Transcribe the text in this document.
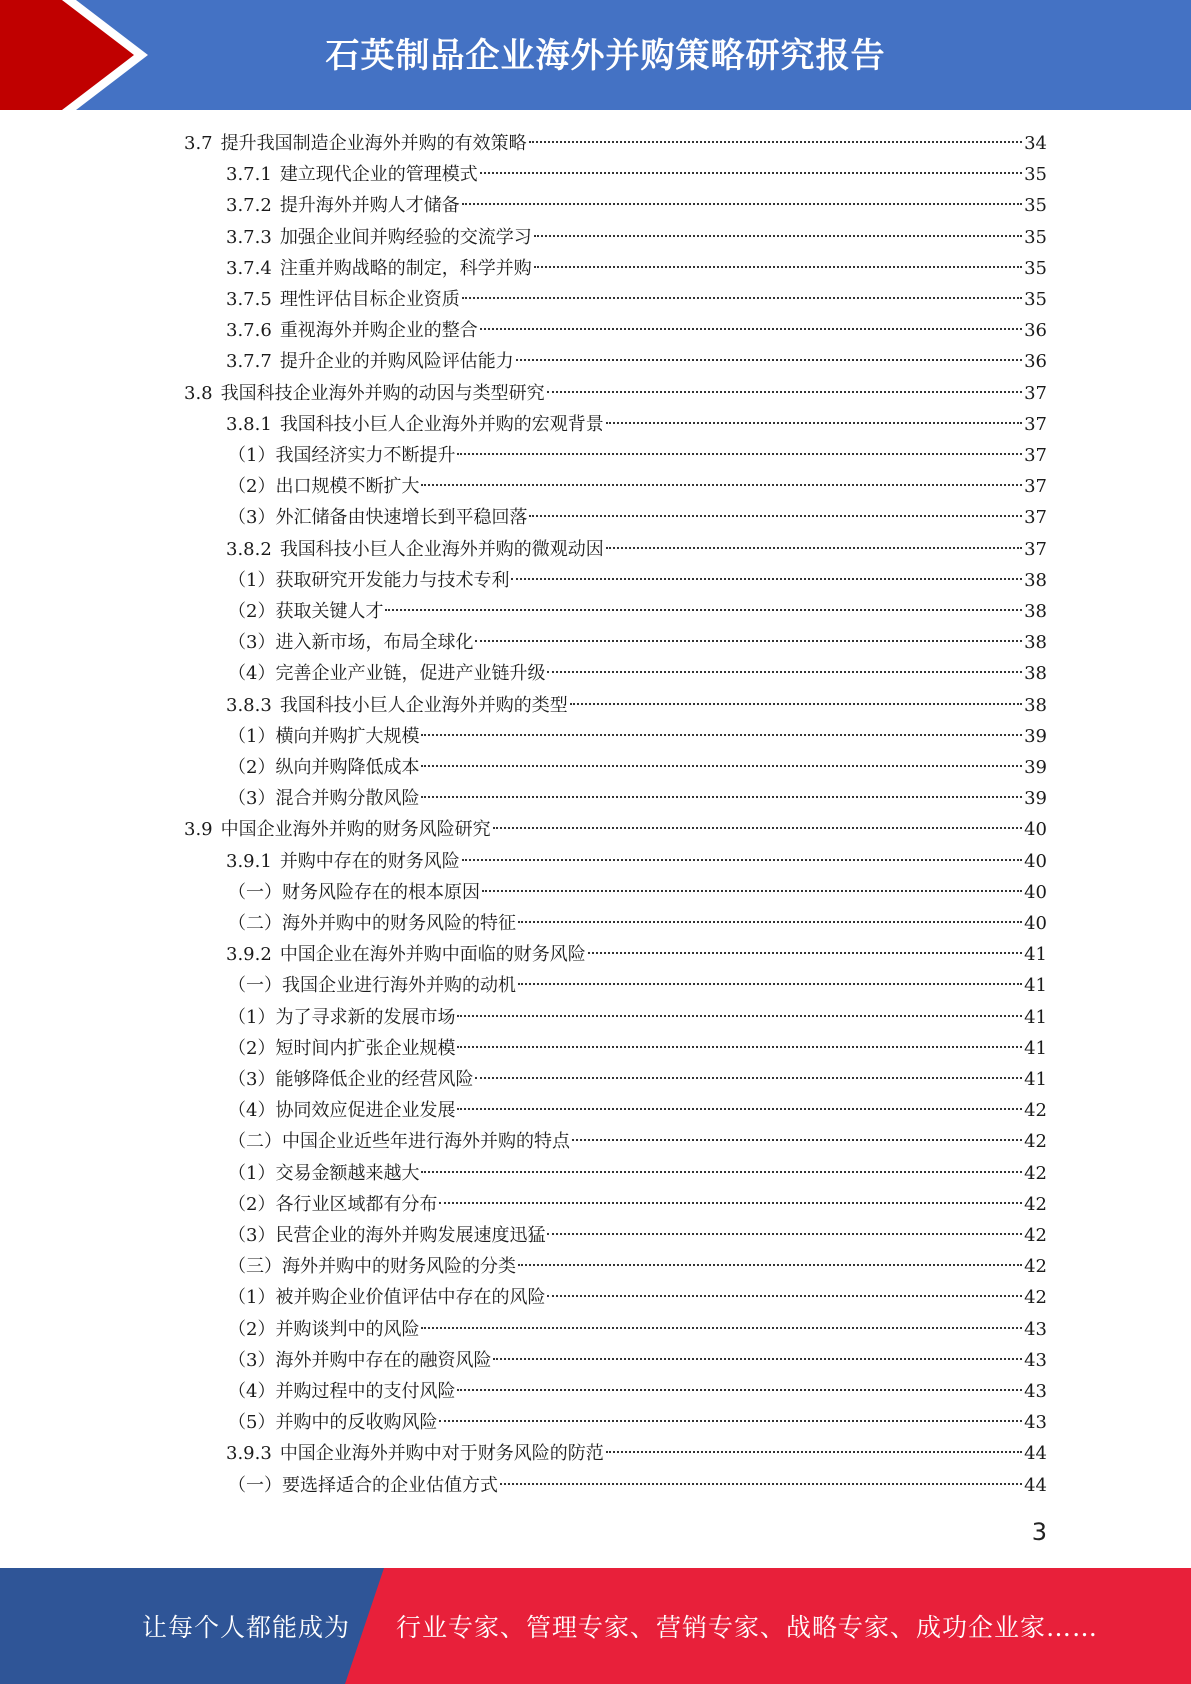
石英制品企业海外并购策略研究报告
3.7 提升我国制造企业海外并购的有效策略	34
3.7.1 建立现代企业的管理模式	35
3.7.2 提升海外并购人才储备	35
3.7.3 加强企业间并购经验的交流学习	35
3.7.4 注重并购战略的制定，科学并购	35
3.7.5 理性评估目标企业资质	35
3.7.6 重视海外并购企业的整合	36
3.7.7 提升企业的并购风险评估能力	36
3.8 我国科技企业海外并购的动因与类型研究	37
3.8.1 我国科技小巨人企业海外并购的宏观背景	37
（1）我国经济实力不断提升	37
（2）出口规模不断扩大	37
（3）外汇储备由快速增长到平稳回落	37
3.8.2 我国科技小巨人企业海外并购的微观动因	37
（1）获取研究开发能力与技术专利	38
（2）获取关键人才	38
（3）进入新市场，布局全球化	38
（4）完善企业产业链，促进产业链升级	38
3.8.3 我国科技小巨人企业海外并购的类型	38
（1）横向并购扩大规模	39
（2）纵向并购降低成本	39
（3）混合并购分散风险	39
3.9 中国企业海外并购的财务风险研究	40
3.9.1 并购中存在的财务风险	40
（一）财务风险存在的根本原因	40
（二）海外并购中的财务风险的特征	40
3.9.2 中国企业在海外并购中面临的财务风险	41
（一）我国企业进行海外并购的动机	41
（1）为了寻求新的发展市场	41
（2）短时间内扩张企业规模	41
（3）能够降低企业的经营风险	41
（4）协同效应促进企业发展	42
（二）中国企业近些年进行海外并购的特点	42
（1）交易金额越来越大	42
（2）各行业区域都有分布	42
（3）民营企业的海外并购发展速度迅猛	42
（三）海外并购中的财务风险的分类	42
（1）被并购企业价值评估中存在的风险	42
（2）并购谈判中的风险	43
（3）海外并购中存在的融资风险	43
（4）并购过程中的支付风险	43
（5）并购中的反收购风险	43
3.9.3 中国企业海外并购中对于财务风险的防范	44
（一）要选择适合的企业估值方式	44
3
让每个人都能成为 行业专家、管理专家、营销专家、战略专家、成功企业家……
